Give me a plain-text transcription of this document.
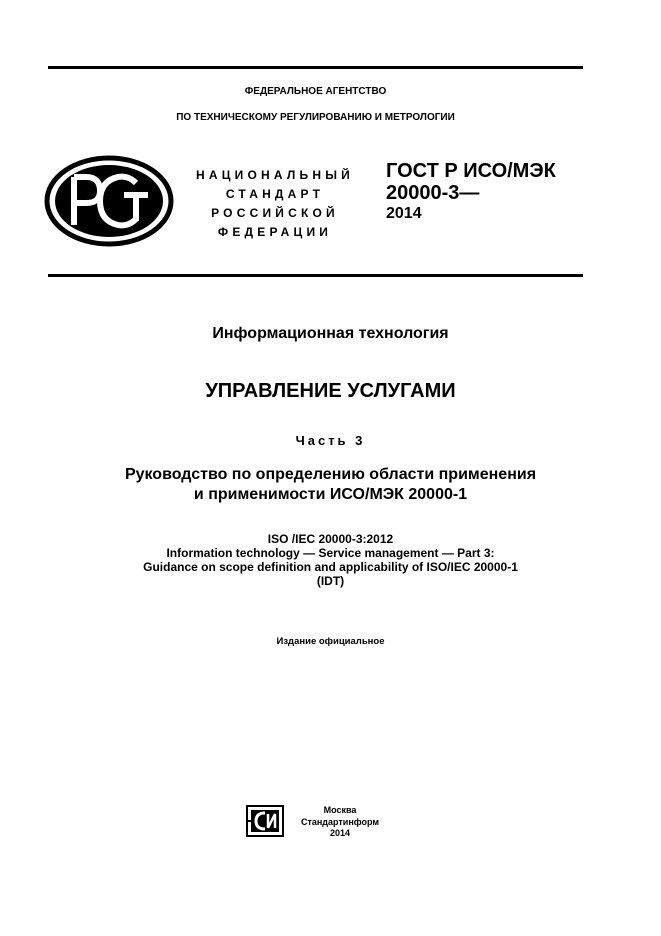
ФЕДЕРАЛЬНОЕ АГЕНТСТВО
ПО ТЕХНИЧЕСКОМУ РЕГУЛИРОВАНИЮ И МЕТРОЛОГИИ
НАЦИОНАЛЬНЫЙ
СТАНДАРТ
РОССИЙСКОЙ
ФЕДЕРАЦИИ
ГОСТ Р ИСО/МЭК
20000-3—
2014
Информационная технология
УПРАВЛЕНИЕ УСЛУГАМИ
Часть 3
Руководство по определению области применения
и применимости ИСО/МЭК 20000-1
ISO /IEC 20000-3:2012
Information technology — Service management — Part 3:
Guidance on scope definition and applicability of ISO/IEC 20000-1
(IDT)
Издание официальное
Москва
Стандартинформ
2014
